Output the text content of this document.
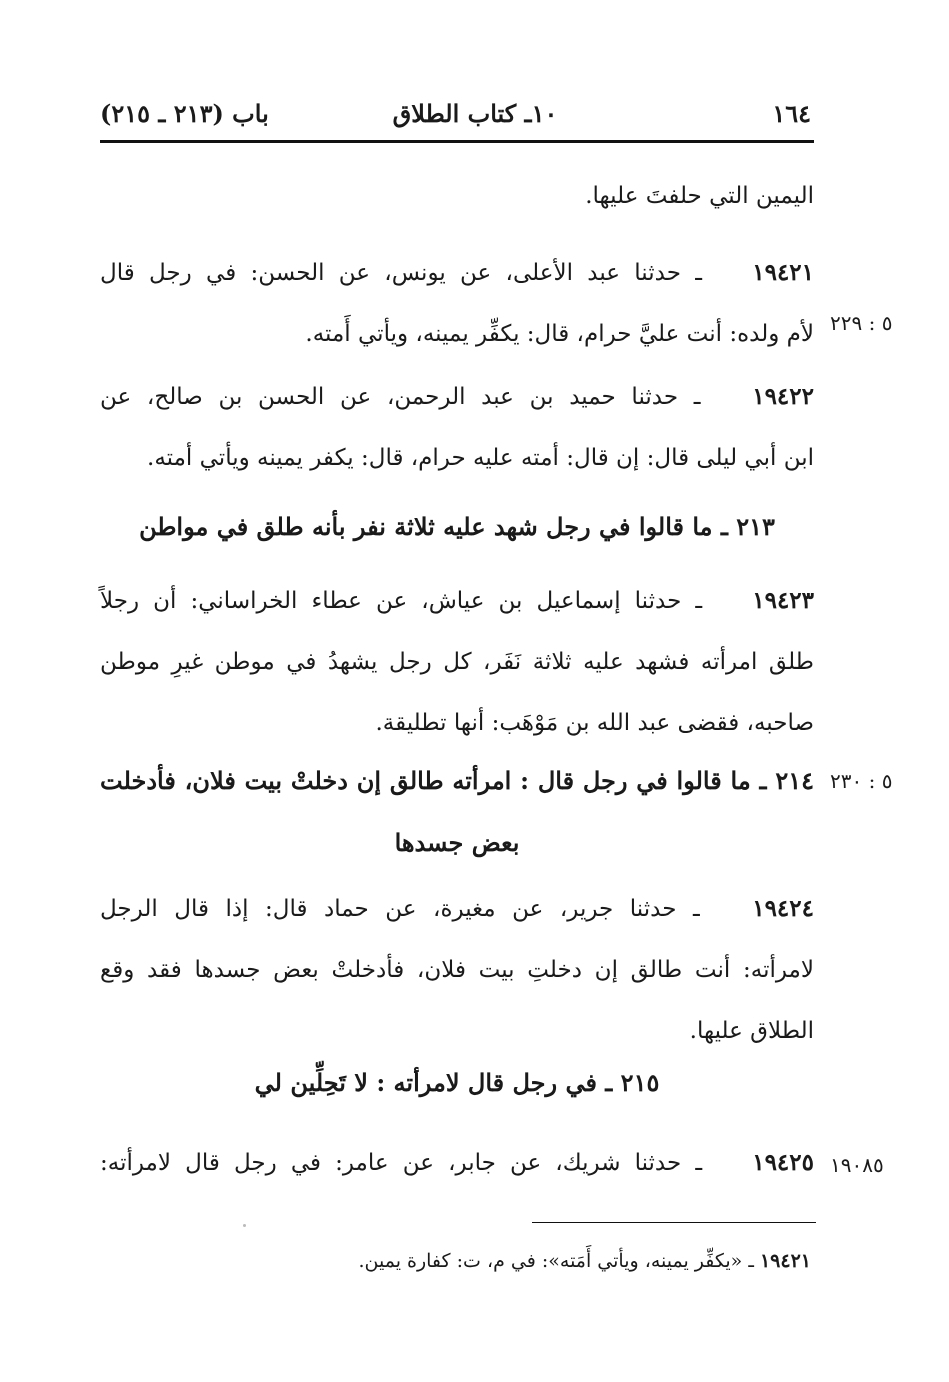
١٦٤
١٠ـ كتاب الطلاق
باب (٢١٣ ـ ٢١٥)
اليمين التي حلفتَ عليها.
١٩٤٢١ ـ حدثنا عبد الأعلى، عن يونس، عن الحسن: في رجل قال
لأم ولده: أنت عليَّ حرام، قال: يكفِّر يمينه، ويأتي أَمته. ٥ : ٢٢٩
١٩٤٢٢ ـ حدثنا حميد بن عبد الرحمن، عن الحسن بن صالح، عن
ابن أبي ليلى قال: إن قال: أمته عليه حرام، قال: يكفر يمينه ويأتي أمته.
٢١٣ ـ ما قالوا في رجل شهد عليه ثلاثة نفر بأنه طلق في مواطن
١٩٤٢٣ ـ حدثنا إسماعيل بن عياش، عن عطاء الخراساني: أن رجلاً
طلق امرأته فشهد عليه ثلاثة نَفَر، كل رجل يشهدُ في موطن غيرِ موطن
صاحبه، فقضى عبد الله بن مَوْهَب: أنها تطليقة.
٢١٤ ـ ما قالوا في رجل قال : امرأته طالق إن دخلتْ بيت فلان، فأدخلت
بعض جسدها
٥ : ٢٣٠
١٩٤٢٤ ـ حدثنا جرير، عن مغيرة، عن حماد قال: إذا قال الرجل
لامرأته: أنت طالق إن دخلتِ بيت فلان، فأدخلتْ بعض جسدها فقد وقع
الطلاق عليها.
٢١٥ ـ في رجل قال لامرأته : لا تَحِلِّين لي
١٩٤٢٥ ـ حدثنا شريك، عن جابر، عن عامر: في رجل قال لامرأته:	١٩٠٨٥
١٩٤٢١ ـ «يكفِّر يمينه، ويأتي أَمَته»: في م، ت: كفارة يمين.
